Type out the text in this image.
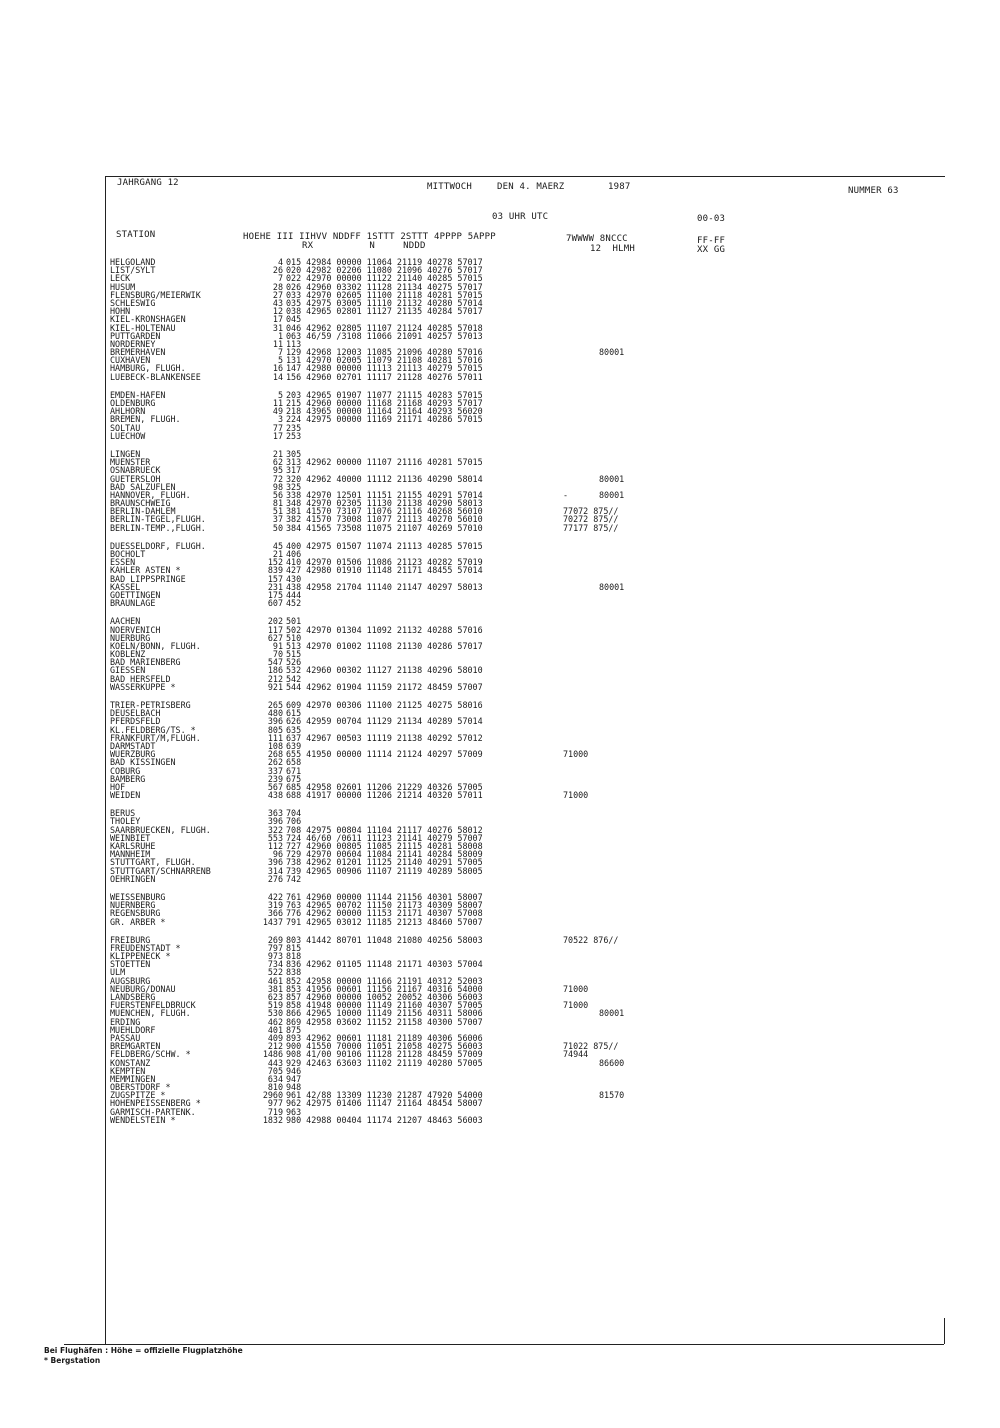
JAHRGANG 12	MITTWOCH	DEN 4. MAERZ	1987	NUMMER 63
03 UHR UTC	00-03
STATION	HOEHE III IIHVV NDDFF 1STTT 2STTT 4PPPP 5APPP
RX          N     NDDD
7WWWW 8NCCC
12  HLMH
FF-FF
XX GG
HELGOLAND	4 015 42984 00000 11064 21119 40278 57017
LIST/SYLT	26 020 42982 02206 11080 21096 40276 57017
LECK	7 022 42970 00000 11122 21140 40285 57015
HUSUM	28 026 42960 03302 11128 21134 40275 57017
FLENSBURG/MEIERWIK	27 033 42970 02605 11100 21118 40281 57015
SCHLESWIG	43 035 42975 03005 11110 21132 40280 57014
HOHN	12 038 42965 02801 11127 21135 40284 57017
KIEL-KRONSHAGEN	17 045
KIEL-HOLTENAU	31 046 42962 02805 11107 21124 40285 57018
PUTTGARDEN	1 063 46/59 /3108 11066 21091 40257 57013
NORDERNEY	11 113
BREMERHAVEN	7 129 42968 12003 11085 21096 40280 57016	80001
CUXHAVEN	5 131 42970 02005 11079 21108 40281 57016
HAMBURG, FLUGH.	16 147 42980 00000 11113 21113 40279 57015
LUEBECK-BLANKENSEE	14 156 42960 02701 11117 21128 40276 57011
EMDEN-HAFEN	5 203 42965 01907 11077 21115 40283 57015
OLDENBURG	11 215 42960 00000 11168 21168 40293 57017
AHLHORN	49 218 43965 00000 11164 21164 40293 56020
BREMEN, FLUGH.	3 224 42975 00000 11169 21171 40286 57015
SOLTAU	77 235
LUECHOW	17 253
LINGEN	21 305
MUENSTER	62 313 42962 00000 11107 21116 40281 57015
OSNABRUECK	95 317
GUETERSLOH	72 320 42962 40000 11112 21136 40290 58014	80001
BAD SALZUFLEN	98 325
HANNOVER, FLUGH.	56 338 42970 12501 11151 21155 40291 57014	-	80001
BRAUNSCHWEIG	81 348 42970 02305 11130 21138 40290 58013
BERLIN-DAHLEM	51 381 41570 73107 11076 21116 40268 56010	77072 875//
BERLIN-TEGEL,FLUGH.	37 382 41570 73008 11077 21113 40270 56010	70272 875//
BERLIN-TEMP.,FLUGH.	50 384 41565 73508 11075 21107 40269 57010	77177 875//
DUESSELDORF, FLUGH.	45 400 42975 01507 11074 21113 40285 57015
BOCHOLT	21 406
ESSEN	152 410 42970 01506 11086 21123 40282 57019
KAHLER ASTEN *	839 427 42980 01910 11148 21171 48455 57014
BAD LIPPSPRINGE	157 430
KASSEL	231 438 42958 21704 11140 21147 40297 58013	80001
GOETTINGEN	175 444
BRAUNLAGE	607 452
AACHEN	202 501
NOERVENICH	117 502 42970 01304 11092 21132 40288 57016
NUERBURG	627 510
KOELN/BONN, FLUGH.	91 513 42970 01002 11108 21130 40286 57017
KOBLENZ	70 515
BAD MARIENBERG	547 526
GIESSEN	186 532 42960 00302 11127 21138 40296 58010
BAD HERSFELD	212 542
WASSERKUPPE *	921 544 42962 01904 11159 21172 48459 57007
TRIER-PETRISBERG	265 609 42970 00306 11100 21125 40275 58016
DEUSELBACH	480 615
PFERDSFELD	396 626 42959 00704 11129 21134 40289 57014
KL.FELDBERG/TS. *	805 635
FRANKFURT/M,FLUGH.	111 637 42967 00503 11119 21138 40292 57012
DARMSTADT	108 639
WUERZBURG	268 655 41950 00000 11114 21124 40297 57009	71000
BAD KISSINGEN	262 658
COBURG	337 671
BAMBERG	239 675
HOF	567 685 42958 02601 11206 21229 40326 57005
WEIDEN	438 688 41917 00000 11206 21214 40320 57011	71000
BERUS	363 704
THOLEY	396 706
SAARBRUECKEN, FLUGH.	322 708 42975 00804 11104 21117 40276 58012
WEINBIET	553 724 46/60 /0611 11123 21141 40279 57007
KARLSRUHE	112 727 42960 00805 11085 21115 40281 58008
MANNHEIM	96 729 42970 00604 11084 21141 40284 58009
STUTTGART, FLUGH.	396 738 42962 01201 11125 21140 40291 57005
STUTTGART/SCHNARRENB	314 739 42965 00906 11107 21119 40289 58005
OEHRINGEN	276 742
WEISSENBURG	422 761 42960 00000 11144 21156 40301 58007
NUERNBERG	319 763 42965 00702 11150 21173 40309 58007
REGENSBURG	366 776 42962 00000 11153 21171 40307 57008
GR. ARBER *	1437 791 42965 03012 11185 21213 48460 57007
FREIBURG	269 803 41442 80701 11048 21080 40256 58003	70522 876//
FREUDENSTADT *	797 815
KLIPPENECK *	973 818
STOETTEN	734 836 42962 01105 11148 21171 40303 57004
ULM	522 838
AUGSBURG	461 852 42958 00000 11166 21191 40312 52003
NEUBURG/DONAU	381 853 41956 00601 11156 21167 40316 54000	71000
LANDSBERG	623 857 42960 00000 10052 20052 40306 56003
FUERSTENFELDBRUCK	519 858 41948 00000 11149 21160 40307 57005	71000
MUENCHEN, FLUGH.	530 866 42965 10000 11149 21156 40311 58006	80001
ERDING	462 869 42958 03602 11152 21158 40300 57007
MUEHLDORF	401 875
PASSAU	409 893 42962 00601 11181 21189 40306 56006
BREMGARTEN	212 900 41550 70000 11051 21058 40275 56003	71022 875//
FELDBERG/SCHW. *	1486 908 41/00 90106 11128 21128 48459 57009	74944
KONSTANZ	443 929 42463 63603 11102 21119 40280 57005	86600
KEMPTEN	705 946
MEMMINGEN	634 947
OBERSTDORF *	810 948
ZUGSPITZE *	2960 961 42/88 13309 11230 21287 47920 54000	81570
HOHENPEISSENBERG *	977 962 42975 01406 11147 21164 48454 58007
GARMISCH-PARTENK.	719 963
WENDELSTEIN *	1832 980 42988 00404 11174 21207 48463 56003
Bei Flughäfen : Höhe = offizielle Flugplatzhöhe
* Bergstation
